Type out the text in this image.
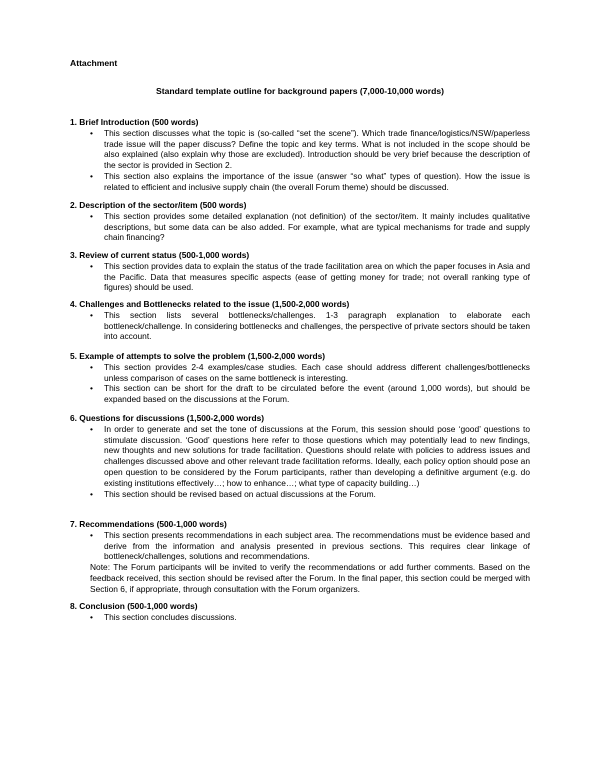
Attachment
Standard template outline for background papers (7,000-10,000 words)

1. Brief Introduction (500 words)

• This section discusses what the topic is (so-called “set the scene”). Which trade finance/logistics/NSW/paperless trade issue will the paper discuss? Define the topic and key terms. What is not included in the scope should be also explained (also explain why those are excluded). Introduction should be very brief because the description of the sector is provided in Section 2.
• This section also explains the importance of the issue (answer “so what” types of question). How the issue is related to efficient and inclusive supply chain (the overall Forum theme) should be discussed.

2. Description of the sector/item (500 words)

• This section provides some detailed explanation (not definition) of the sector/item. It mainly includes qualitative descriptions, but some data can be also added. For example, what are typical mechanisms for trade and supply chain financing?

3. Review of current status (500-1,000 words)

• This section provides data to explain the status of the trade facilitation area on which the paper focuses in Asia and the Pacific. Data that measures specific aspects (ease of getting money for trade; not overall ranking type of figures) should be used.

4. Challenges and Bottlenecks related to the issue (1,500-2,000 words)

• This section lists several bottlenecks/challenges. 1-3 paragraph explanation to elaborate each bottleneck/challenge. In considering bottlenecks and challenges, the perspective of private sectors should be taken into account.

5. Example of attempts to solve the problem (1,500-2,000 words)

• This section provides 2-4 examples/case studies. Each case should address different challenges/bottlenecks unless comparison of cases on the same bottleneck is interesting.
• This section can be short for the draft to be circulated before the event (around 1,000 words), but should be expanded based on the discussions at the Forum.

6. Questions for discussions (1,500-2,000 words)

• In order to generate and set the tone of discussions at the Forum, this session should pose ‘good’ questions to stimulate discussion. ‘Good’ questions here refer to those questions which may potentially lead to new findings, new thoughts and new solutions for trade facilitation. Questions should relate with policies to address issues and challenges discussed above and other relevant trade facilitation reforms. Ideally, each policy option should pose an open question to be considered by the Forum participants, rather than developing a definitive argument (e.g. do existing institutions effectively…; how to enhance…; what type of capacity building…)
• This section should be revised based on actual discussions at the Forum.

7. Recommendations (500-1,000 words)

• This section presents recommendations in each subject area. The recommendations must be evidence based and derive from the information and analysis presented in previous sections. This requires clear linkage of bottleneck/challenges, solutions and recommendations.

Note: The Forum participants will be invited to verify the recommendations or add further comments. Based on the feedback received, this section should be revised after the Forum. In the final paper, this section could be merged with Section 6, if appropriate, through consultation with the Forum organizers.

8. Conclusion (500-1,000 words)

• This section concludes discussions.
